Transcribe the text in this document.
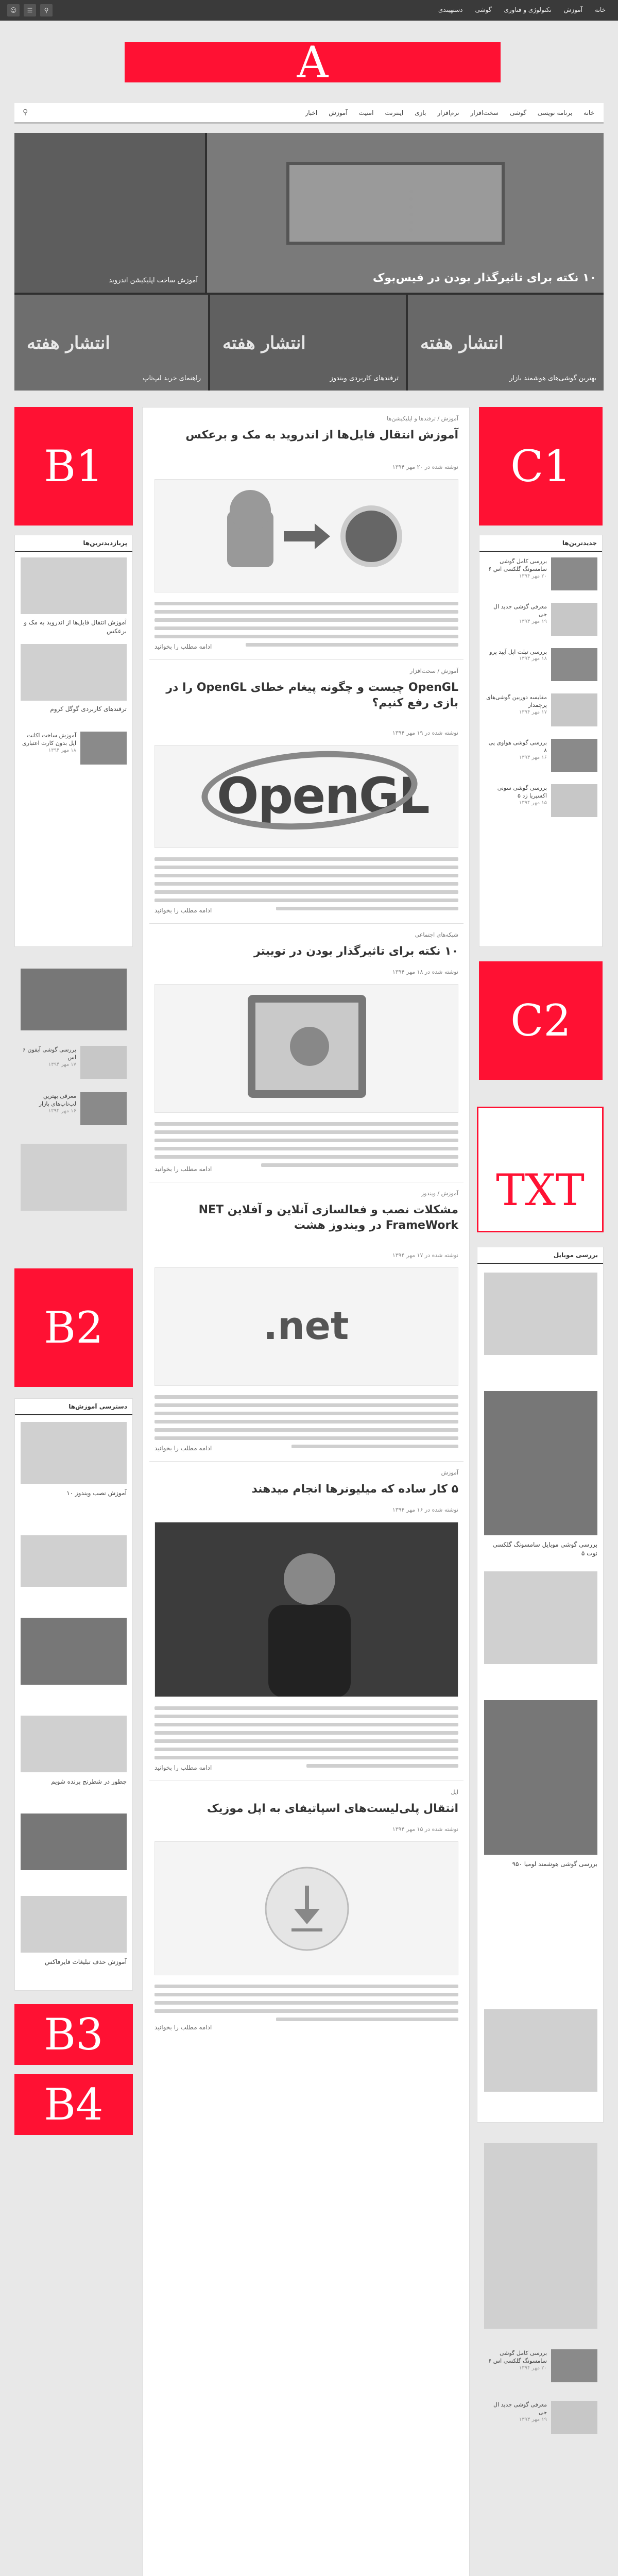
☺	☰	⚲	خانه
آموزش
تکنولوژی و فناوری
گوشی
دستهبندی
A
⚲	خانه
برنامه نویسی
گوشی
سخت‌افزار
نرم‌افزار
بازی
اینترنت
امنیت
آموزش
اخبار
۱۰ نکته برای تاثیرگذار بودن در فیس‌بوک
آموزش ساخت اپلیکیشن اندروید
انتشار هفته
بهترین گوشی‌های هوشمند بازار
انتشار هفته
ترفندهای کاربردی ویندوز
انتشار هفته
راهنمای خرید لپ‌تاپ
B1
B2
B3
B4
C1
C2
TXT
پربازدیدترین‌ها
آموزش انتقال فایل‌ها از اندروید به مک و برعکس
ترفندهای کاربردی گوگل کروم
آموزش ساخت اکانت اپل بدون کارت اعتباری
۱۸ مهر ۱۳۹۴
بررسی گوشی آیفون ۶ اس
۱۷ مهر ۱۳۹۴
معرفی بهترین لپ‌تاپ‌های بازار
۱۶ مهر ۱۳۹۴
دسترسی آموزش‌ها
آموزش نصب ویندوز ۱۰
چطور در شطرنج برنده شویم
آموزش حذف تبلیغات فایرفاکس
جدیدترین‌ها
بررسی کامل گوشی سامسونگ گلکسی اس ۶
۲۰ مهر ۱۳۹۴
معرفی گوشی جدید ال جی
۱۹ مهر ۱۳۹۴
بررسی تبلت اپل آیپد پرو
۱۸ مهر ۱۳۹۴
مقایسه دوربین گوشی‌های پرچمدار
۱۷ مهر ۱۳۹۴
بررسی گوشی هواوی پی ۸
۱۶ مهر ۱۳۹۴
بررسی گوشی سونی اکسپریا زد ۵
۱۵ مهر ۱۳۹۴
بررسی موبایل
بررسی گوشی موبایل سامسونگ گلکسی نوت ۵
بررسی گوشی هوشمند لومیا ۹۵۰
بررسی کامل گوشی سامسونگ گلکسی اس ۶
۲۰ مهر ۱۳۹۴
معرفی گوشی جدید ال جی
۱۹ مهر ۱۳۹۴
آموزش / ترفندها و اپلیکیشن‌ها
آموزش انتقال فایل‌ها از اندروید به مک و برعکس
نوشته شده در ۲۰ مهر ۱۳۹۴
ادامه مطلب را بخوانید
آموزش / سخت‌افزار
OpenGL چیست و چگونه پیغام خطای OpenGL را در بازی رفع کنیم؟
نوشته شده در ۱۹ مهر ۱۳۹۴
OpenGL
ادامه مطلب را بخوانید
شبکه‌های اجتماعی
۱۰ نکته برای تاثیرگذار بودن در توییتر
نوشته شده در ۱۸ مهر ۱۳۹۴
ادامه مطلب را بخوانید
آموزش / ویندوز
مشکلات نصب و فعالسازی آنلاین و آفلاین NET FrameWork در ویندوز هشت
نوشته شده در ۱۷ مهر ۱۳۹۴
.net
ادامه مطلب را بخوانید
آموزش
۵ کار ساده که میلیونرها انجام میدهند
نوشته شده در ۱۶ مهر ۱۳۹۴
ادامه مطلب را بخوانید
اپل
انتقال پلی‌لیست‌های اسپاتیفای به اپل موزیک
نوشته شده در ۱۵ مهر ۱۳۹۴
ادامه مطلب را بخوانید
